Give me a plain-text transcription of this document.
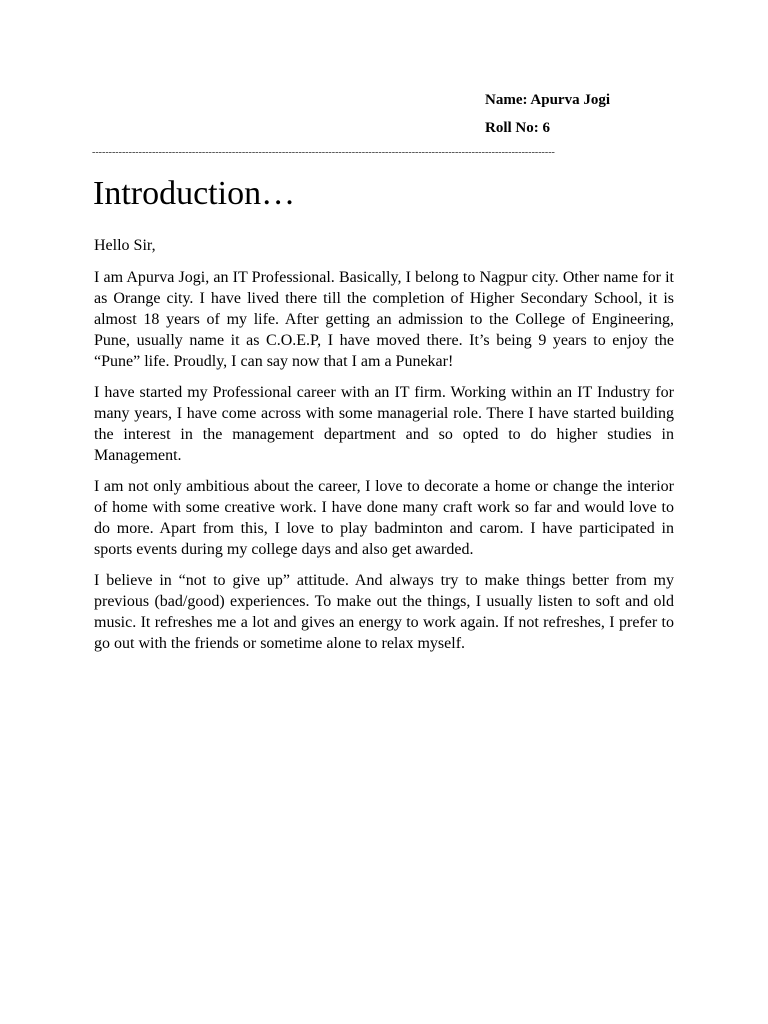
Name: Apurva Jogi
Roll No: 6
-------------------------------------------------------------------------------------------------------------------------------------------
Introduction…

Hello Sir,

I am Apurva Jogi, an IT Professional. Basically, I belong to Nagpur city. Other name for it as Orange city. I have lived there till the completion of Higher Secondary School, it is almost 18 years of my life. After getting an admission to the College of Engineering, Pune, usually name it as C.O.E.P, I have moved there. It’s being 9 years to enjoy the “Pune” life. Proudly, I can say now that I am a Punekar!

I have started my Professional career with an IT firm. Working within an IT Industry for many years, I have come across with some managerial role. There I have started building the interest in the management department and so opted to do higher studies in Management.

I am not only ambitious about the career, I love to decorate a home or change the interior of home with some creative work. I have done many craft work so far and would love to do more. Apart from this, I love to play badminton and carom. I have participated in sports events during my college days and also get awarded.

I believe in “not to give up” attitude. And always try to make things better from my previous (bad/good) experiences. To make out the things, I usually listen to soft and old music. It refreshes me a lot and gives an energy to work again. If not refreshes, I prefer to go out with the friends or sometime alone to relax myself.
